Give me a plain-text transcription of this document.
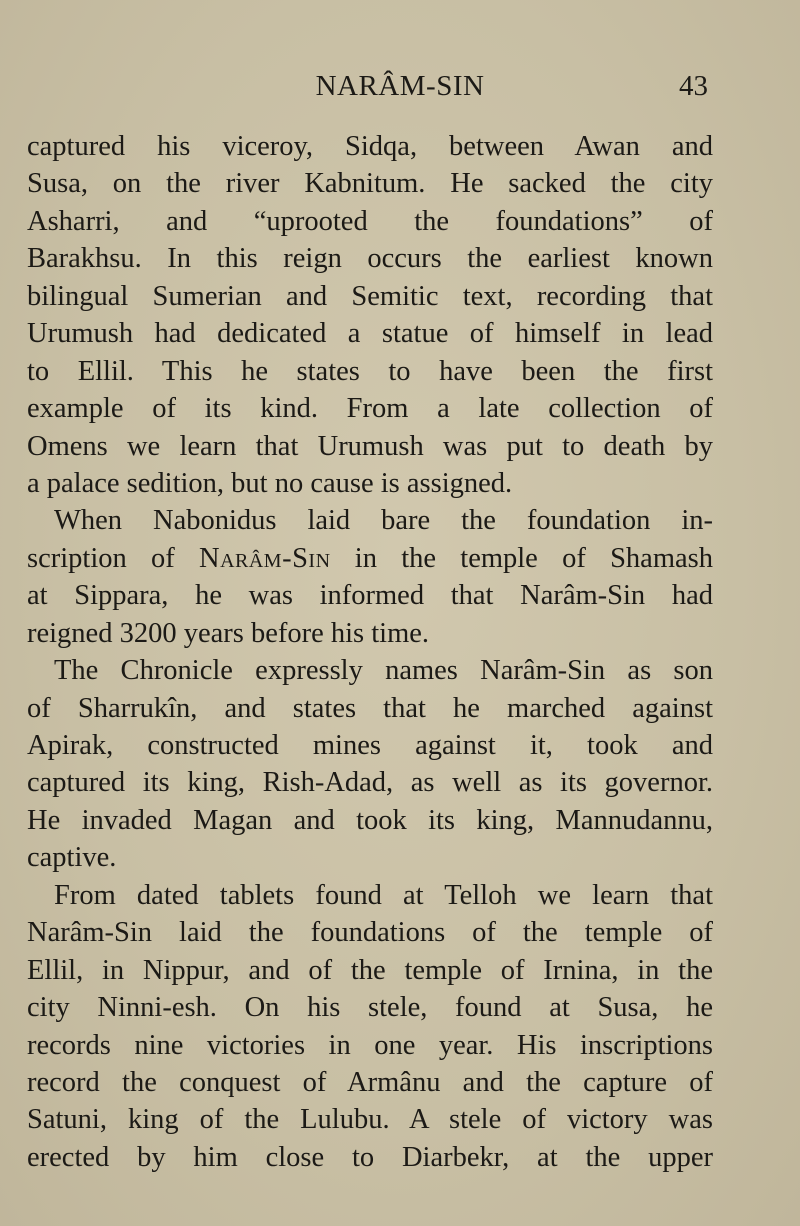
NARÂM-SIN	43
captured his viceroy, Sidqa, between Awan and
Susa, on the river Kabnitum. He sacked the city
Asharri, and “uprooted the foundations” of
Barakhsu. In this reign occurs the earliest known
bilingual Sumerian and Semitic text, recording that
Urumush had dedicated a statue of himself in lead
to Ellil. This he states to have been the first
example of its kind. From a late collection of
Omens we learn that Urumush was put to death by
a palace sedition, but no cause is assigned.
When Nabonidus laid bare the foundation in-
scription of Narâm-Sin in the temple of Shamash
at Sippara, he was informed that Narâm-Sin had
reigned 3200 years before his time.
The Chronicle expressly names Narâm-Sin as son
of Sharrukîn, and states that he marched against
Apirak, constructed mines against it, took and
captured its king, Rish-Adad, as well as its governor.
He invaded Magan and took its king, Mannudannu,
captive.
From dated tablets found at Telloh we learn that
Narâm-Sin laid the foundations of the temple of
Ellil, in Nippur, and of the temple of Irnina, in the
city Ninni-esh. On his stele, found at Susa, he
records nine victories in one year. His inscriptions
record the conquest of Armânu and the capture of
Satuni, king of the Lulubu. A stele of victory was
erected by him close to Diarbekr, at the upper
